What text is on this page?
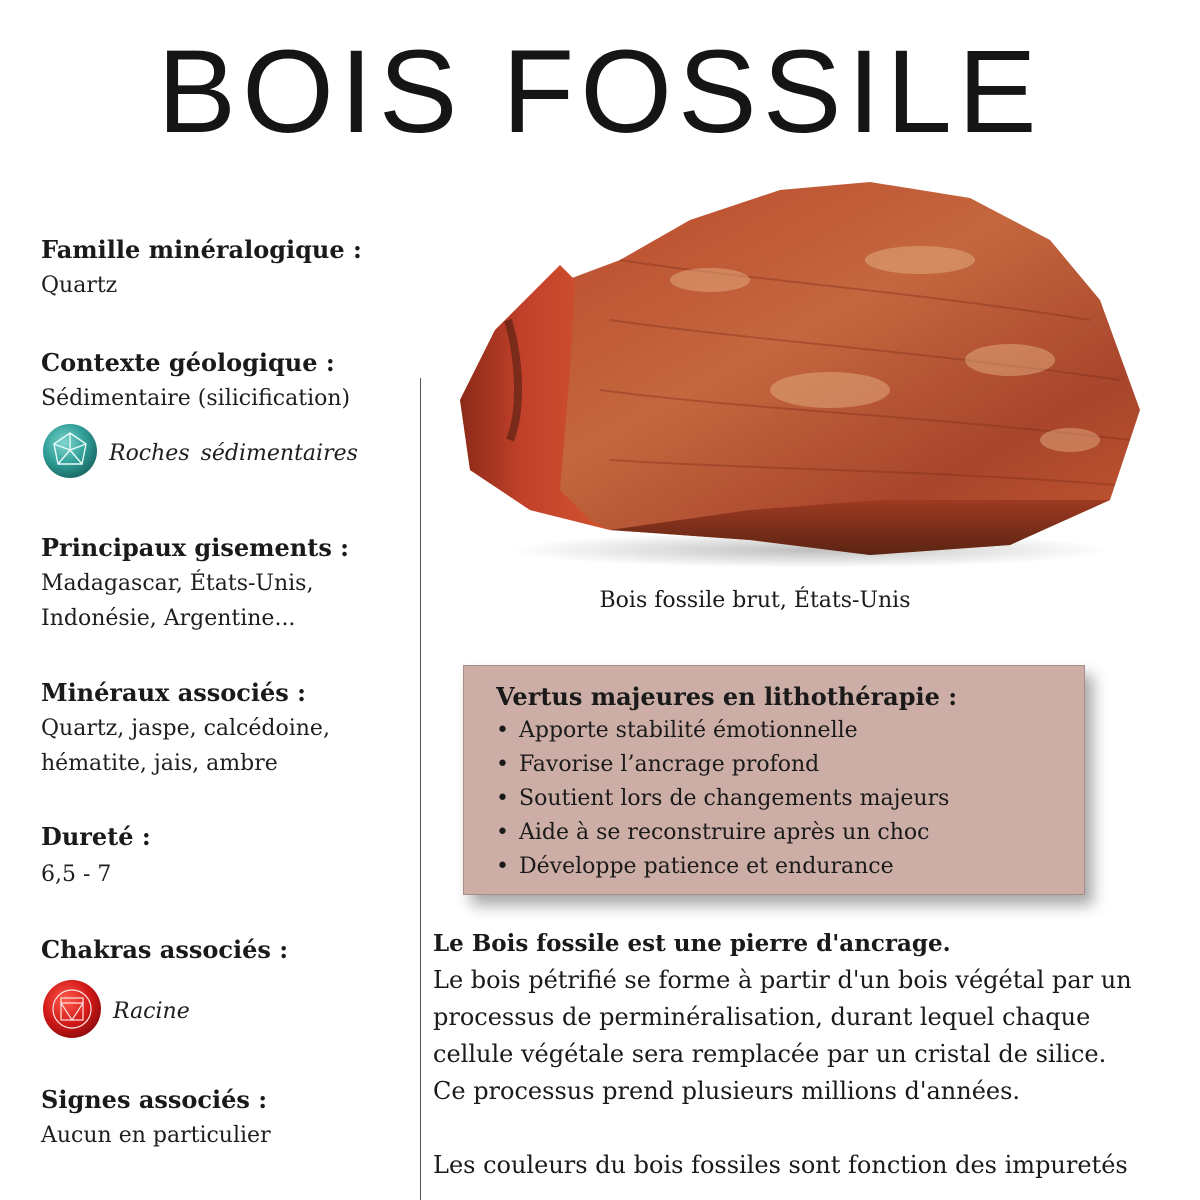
BOIS FOSSILE
Famille minéralogique :
Quartz
Contexte géologique :
Sédimentaire (silicification)
Roches sédimentaires
Principaux gisements :
Madagascar, États-Unis,
Indonésie, Argentine...
Minéraux associés :
Quartz, jaspe, calcédoine,
hématite, jais, ambre
Dureté :
6,5 - 7
Chakras associés :
Racine
Signes associés :
Aucun en particulier
Bois fossile brut, États-Unis
Vertus majeures en lithothérapie :
• Apporte stabilité émotionnelle
• Favorise l’ancrage profond
• Soutient lors de changements majeurs
• Aide à se reconstruire après un choc
• Développe patience et endurance
Le Bois fossile est une pierre d'ancrage.

Le bois pétrifié se forme à partir d'un bois végétal par un

processus de perminéralisation, durant lequel chaque

cellule végétale sera remplacée par un cristal de silice.

Ce processus prend plusieurs millions d'années.

Les couleurs du bois fossiles sont fonction des impuretés
